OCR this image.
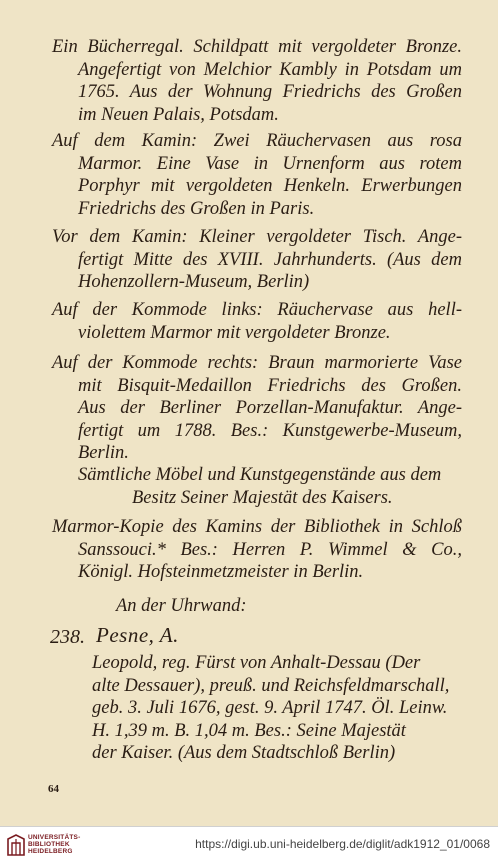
Ein Bücherregal. Schildpatt mit vergoldeter Bronze.
Angefertigt von Melchior Kambly in Potsdam um
1765. Aus der Wohnung Friedrichs des Großen
im Neuen Palais, Potsdam.
Auf dem Kamin: Zwei Räuchervasen aus rosa
Marmor. Eine Vase in Urnenform aus rotem
Porphyr mit vergoldeten Henkeln. Erwerbungen
Friedrichs des Großen in Paris.
Vor dem Kamin: Kleiner vergoldeter Tisch. Ange-
fertigt Mitte des XVIII. Jahrhunderts. (Aus dem
Hohenzollern-Museum, Berlin)
Auf der Kommode links: Räuchervase aus hell-
violettem Marmor mit vergoldeter Bronze.
Auf der Kommode rechts: Braun marmorierte Vase
mit Bisquit-Medaillon Friedrichs des Großen.
Aus der Berliner Porzellan-Manufaktur. Ange-
fertigt um 1788. Bes.: Kunstgewerbe-Museum,
Berlin.
Sämtliche Möbel und Kunstgegenstände aus dem
Besitz Seiner Majestät des Kaisers.
Marmor-Kopie des Kamins der Bibliothek in Schloß
Sanssouci.* Bes.: Herren P. Wimmel & Co.,
Königl. Hofsteinmetzmeister in Berlin.
An der Uhrwand:
238. Pesne, A.
Leopold, reg. Fürst von Anhalt-Dessau (Der
alte Dessauer), preuß. und Reichsfeldmarschall,
geb. 3. Juli 1676, gest. 9. April 1747. Öl. Leinw.
H. 1,39 m. B. 1,04 m. Bes.: Seine Majestät
der Kaiser. (Aus dem Stadtschloß Berlin)
64
UNIVERSITÄTS-
BIBLIOTHEK
HEIDELBERG
https://digi.ub.uni-heidelberg.de/diglit/adk1912_01/0068
